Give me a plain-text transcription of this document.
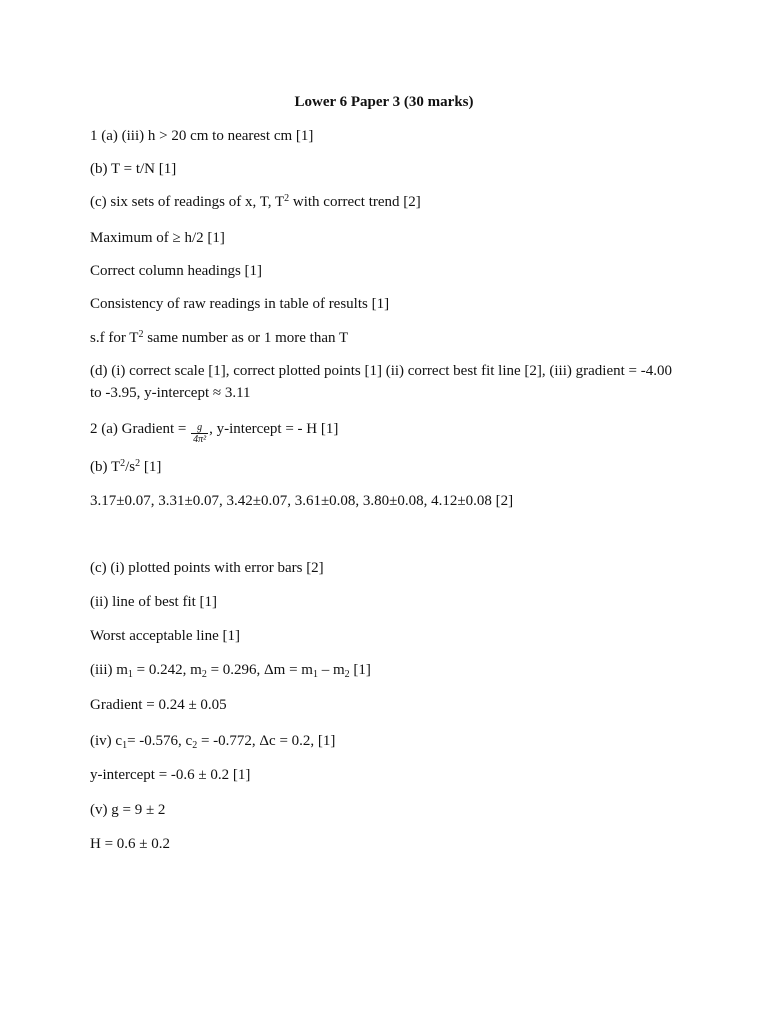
Lower 6 Paper 3 (30 marks)
1 (a) (iii) h > 20 cm to nearest cm [1]
(b) T = t/N [1]
(c) six sets of readings of x, T, $T^2$ with correct trend [2]
Maximum of ≥ h/2 [1]
Correct column headings [1]
Consistency of raw readings in table of results [1]
s.f for $T^2$ same number as or 1 more than T
(d) (i) correct scale [1], correct plotted points [1] (ii) correct best fit line [2], (iii) gradient = -4.00
to -3.95, y-intercept ≈ 3.11
2 (a) Gradient = $\frac{g}{\text{4π²}}$ , y-intercept = - H [1]
(b) $T^2/s^2$ [1]
3.17±0.07, 3.31±0.07, 3.42±0.07, 3.61±0.08, 3.80±0.08, 4.12±0.08 [2]
(c) (i) plotted points with error bars [2]
(ii) line of best fit [1]
Worst acceptable line [1]
(iii) $m_1 = 0.242$, $m_2 = 0.296$, $\Delta m = m_1 - m_2$ [1]
Gradient = 0.24 ± 0.05
(iv) $c_1= -0.576$, $c_2 = -0.772$, Δc = 0.2, [1]
y-intercept = -0.6 ± 0.2 [1]
(v) g = 9 ± 2
H = 0.6 ± 0.2
